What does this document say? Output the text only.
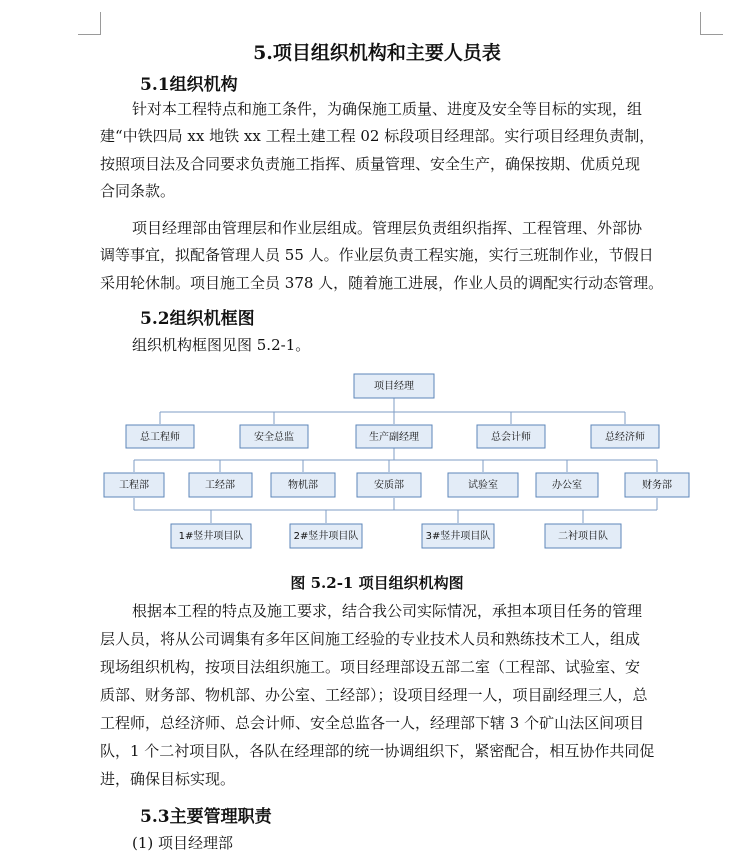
5.项目组织机构和主要人员表
5.1组织机构
针对本工程特点和施工条件，为确保施工质量、进度及安全等目标的实现，组
建“中铁四局 xx 地铁 xx 工程土建工程 02 标段项目经理部。实行项目经理负责制，
按照项目法及合同要求负责施工指挥、质量管理、安全生产，确保按期、优质兑现
合同条款。
项目经理部由管理层和作业层组成。管理层负责组织指挥、工程管理、外部协
调等事宜，拟配备管理人员 55 人。作业层负责工程实施，实行三班制作业，节假日
采用轮休制。项目施工全员 378 人，随着施工进展，作业人员的调配实行动态管理。
5.2组织机框图
组织机构框图见图 5.2-1。
项目经理
总工程师	安全总监	生产副经理	总会计师	总经济师
工程部	工经部	物机部	安质部	试验室	办公室	财务部
1#竖井项目队	2#竖井项目队	3#竖井项目队	二衬项目队
图 5.2-1 项目组织机构图
根据本工程的特点及施工要求，结合我公司实际情况，承担本项目任务的管理
层人员，将从公司调集有多年区间施工经验的专业技术人员和熟练技术工人，组成
现场组织机构，按项目法组织施工。项目经理部设五部二室（工程部、试验室、安
质部、财务部、物机部、办公室、工经部）；设项目经理一人，项目副经理三人，总
工程师，总经济师、总会计师、安全总监各一人，经理部下辖 3 个矿山法区间项目
队，1 个二衬项目队，各队在经理部的统一协调组织下，紧密配合，相互协作共同促
进，确保目标实现。
5.3主要管理职责
(1) 项目经理部
